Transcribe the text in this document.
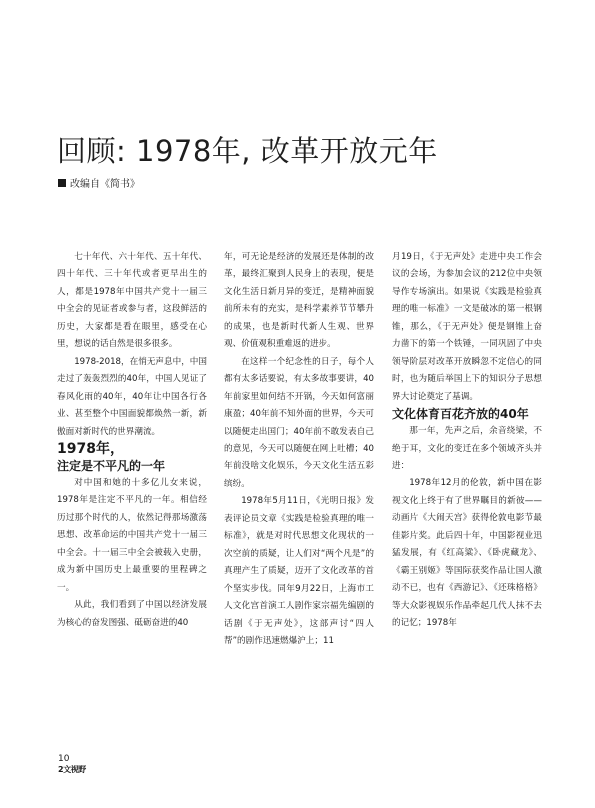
回顾: 1978年, 改革开放元年
改编自《简书》

七十年代、六十年代、五十年代、四十年代、三十年代或者更早出生的人，都是1978年中国共产党十一届三中全会的见证者或参与者，这段鲜活的历史，大家都是看在眼里，感受在心里，想说的话自然是很多很多。

1978-2018，在悄无声息中，中国走过了轰轰烈烈的40年，中国人见证了春风化雨的40年，40年让中国各行各业、甚至整个中国面貌都焕然一新，新傲面对新时代的世界潮流。

1978年，

注定是不平凡的一年

对中国和她的十多亿儿女来说，1978年是注定不平凡的一年。相信经历过那个时代的人，依然记得那场激荡思想、改革命运的中国共产党十一届三中全会。十一届三中全会被载入史册，成为新中国历史上最重要的里程碑之一。

从此，我们看到了中国以经济发展为核心的奋发图强、砥砺奋进的40

年，可无论是经济的发展还是体制的改革，最终汇聚到人民身上的表现，便是文化生活日新月异的变迁，是精神面貌前所未有的充实，是科学素养节节攀升的成果，也是新时代新人生观、世界观、价值观积重难返的进步。

在这样一个纪念性的日子，每个人都有太多话要说，有太多故事要讲，40年前家里如何结不开锅，今天如何富丽康盈；40年前不知外面的世界，今天可以随便走出国门；40年前不敢发表自己的意见，今天可以随便在网上吐槽；40年前没啥文化娱乐，今天文化生活五彩缤纷。

1978年5月11日，《光明日报》发表评论员文章《实践是检验真理的唯一标准》，就是对时代思想文化现状的一次空前的质疑，让人们对“两个凡是”的真理产生了质疑，迈开了文化改革的首个坚实步伐。同年9月22日，上海市工人文化宫首演工人剧作家宗福先编剧的话剧《于无声处》，这部声讨“四人帮”的剧作迅速燃爆沪上；11

月19日，《于无声处》走进中央工作会议的会场，为参加会议的212位中央领导作专场演出。如果说《实践是检验真理的唯一标准》一文是破冰的第一根钢锥，那么，《于无声处》便是钢锥上奋力凿下的第一个铁锤，一同巩固了中央领导阶层对改革开放瞬忽不定信心的同时，也为随后举国上下的知识分子思想界大讨论奠定了基调。

文化体育百花齐放的40年

那一年，先声之后，余音绕梁，不绝于耳，文化的变迁在多个领域齐头并进：

1978年12月的伦敦，新中国在影视文化上终于有了世界瞩目的新彼——动画片《大闹天宫》获得伦敦电影节最佳影片奖。此后四十年，中国影视业迅猛发展，有《红高粱》、《卧虎藏龙》、《霸王别姬》等国际获奖作品让国人激动不已，也有《西游记》、《还珠格格》等大众影视娱乐作品牵起几代人抹不去的记忆；1978年

10
2文视野
